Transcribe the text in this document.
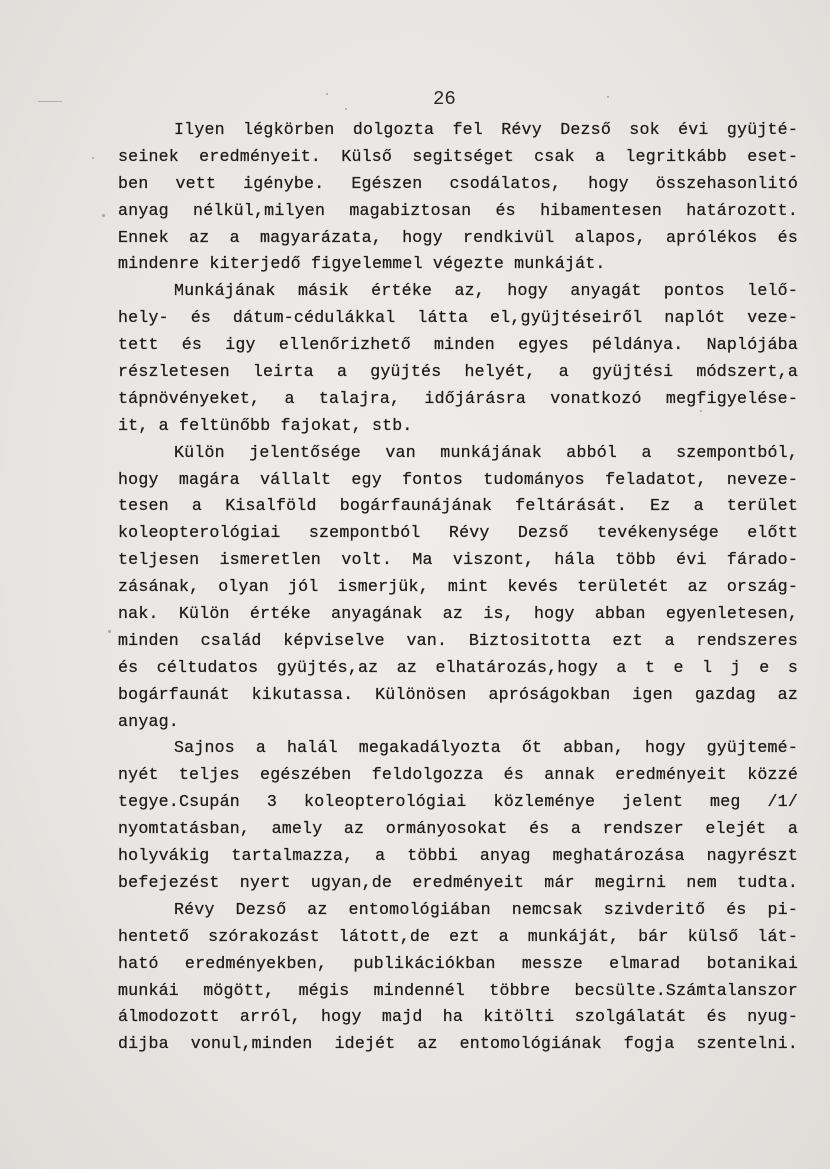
26
Ilyen légkörben dolgozta fel Révy Dezső sok évi gyüjté-
seinek eredményeit. Külső segitséget csak a legritkább eset-
ben vett igénybe. Egészen csodálatos, hogy összehasonlitó
anyag nélkül,milyen magabiztosan és hibamentesen határozott.
Ennek az a magyarázata, hogy rendkivül alapos, aprólékos és
mindenre kiterjedő figyelemmel végezte munkáját.
Munkájának másik értéke az, hogy anyagát pontos lelő-
hely- és dátum-cédulákkal látta el,gyüjtéseiről naplót veze-
tett és igy ellenőrizhető minden egyes példánya. Naplójába
részletesen leirta a gyüjtés helyét, a gyüjtési módszert,a
tápnövényeket, a talajra, időjárásra vonatkozó megfigyelése-
it, a feltünőbb fajokat, stb.
Külön jelentősége van munkájának abból a szempontból,
hogy magára vállalt egy fontos tudományos feladatot, neveze-
tesen a Kisalföld bogárfaunájának feltárását. Ez a terület
koleopterológiai szempontból Révy Dezső tevékenysége előtt
teljesen ismeretlen volt. Ma viszont, hála több évi fárado-
zásának, olyan jól ismerjük, mint kevés területét az ország-
nak. Külön értéke anyagának az is, hogy abban egyenletesen,
minden család képviselve van. Biztositotta ezt a rendszeres
és céltudatos gyüjtés,az az elhatározás,hogy a t e l j e s
bogárfaunát kikutassa. Különösen apróságokban igen gazdag az
anyag.
Sajnos a halál megakadályozta őt abban, hogy gyüjtemé-
nyét teljes egészében feldolgozza és annak eredményeit közzé
tegye.Csupán 3 koleopterológiai közleménye jelent meg /1/
nyomtatásban, amely az ormányosokat és a rendszer elejét a
holyvákig tartalmazza, a többi anyag meghatározása nagyrészt
befejezést nyert ugyan,de eredményeit már megirni nem tudta.
Révy Dezső az entomológiában nemcsak szivderitő és pi-
hentető szórakozást látott,de ezt a munkáját, bár külső lát-
ható eredményekben, publikációkban messze elmarad botanikai
munkái mögött, mégis mindennél többre becsülte.Számtalanszor
álmodozott arról, hogy majd ha kitölti szolgálatát és nyug-
dijba vonul,minden idejét az entomológiának fogja szentelni.
